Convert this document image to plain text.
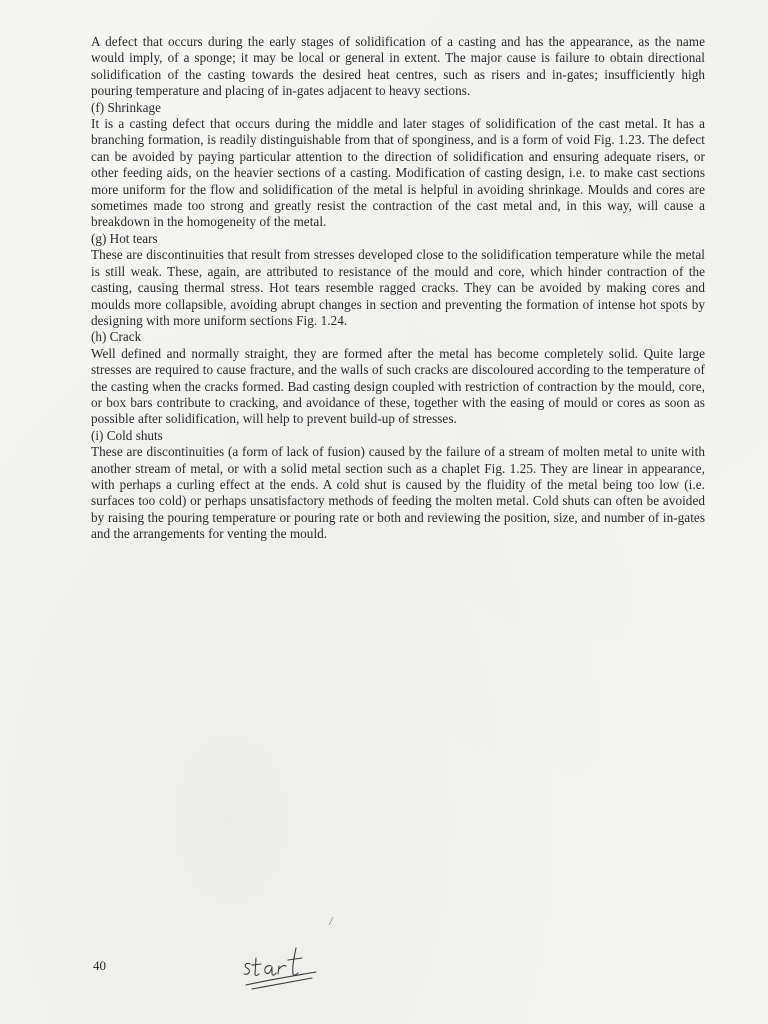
A defect that occurs during the early stages of solidification of a casting and has the appearance, as the name would imply, of a sponge; it may be local or general in extent. The major cause is failure to obtain directional solidification of the casting towards the desired heat centres, such as risers and in-gates; insufficiently high pouring temperature and placing of in-gates adjacent to heavy sections.

(f) Shrinkage

It is a casting defect that occurs during the middle and later stages of solidification of the cast metal. It has a branching formation, is readily distinguishable from that of sponginess, and is a form of void Fig. 1.23. The defect can be avoided by paying particular attention to the direction of solidification and ensuring adequate risers, or other feeding aids, on the heavier sections of a casting. Modification of casting design, i.e. to make cast sections more uniform for the flow and solidification of the metal is helpful in avoiding shrinkage. Moulds and cores are sometimes made too strong and greatly resist the contraction of the cast metal and, in this way, will cause a breakdown in the homogeneity of the metal.

(g) Hot tears

These are discontinuities that result from stresses developed close to the solidification temperature while the metal is still weak. These, again, are attributed to resistance of the mould and core, which hinder contraction of the casting, causing thermal stress. Hot tears resemble ragged cracks. They can be avoided by making cores and moulds more collapsible, avoiding abrupt changes in section and preventing the formation of intense hot spots by designing with more uniform sections Fig. 1.24.

(h) Crack

Well defined and normally straight, they are formed after the metal has become completely solid. Quite large stresses are required to cause fracture, and the walls of such cracks are discoloured according to the temperature of the casting when the cracks formed. Bad casting design coupled with restriction of contraction by the mould, core, or box bars contribute to cracking, and avoidance of these, together with the easing of mould or cores as soon as possible after solidification, will help to prevent build-up of stresses.

(i) Cold shuts

These are discontinuities (a form of lack of fusion) caused by the failure of a stream of molten metal to unite with another stream of metal, or with a solid metal section such as a chaplet Fig. 1.25. They are linear in appearance, with perhaps a curling effect at the ends. A cold shut is caused by the fluidity of the metal being too low (i.e. surfaces too cold) or perhaps unsatisfactory methods of feeding the molten metal. Cold shuts can often be avoided by raising the pouring temperature or pouring rate or both and reviewing the position, size, and number of in-gates and the arrangements for venting the mould.

40
